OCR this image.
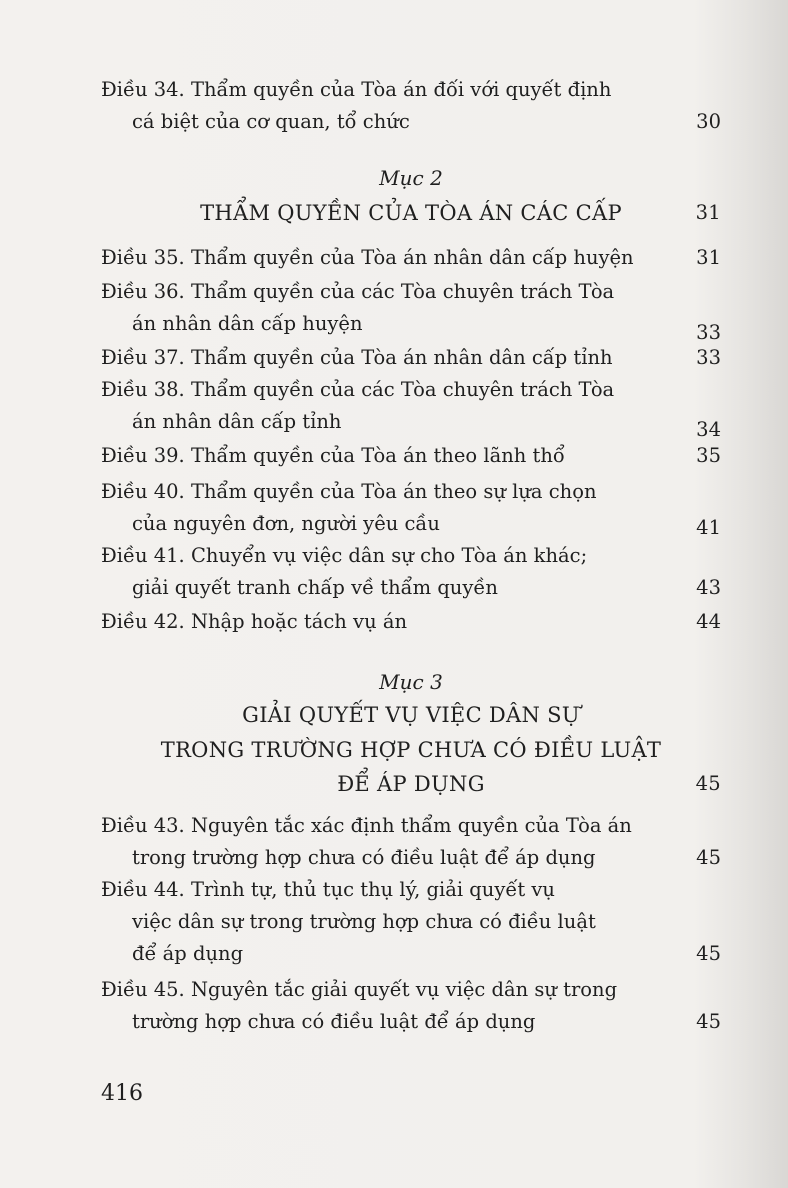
Điều 34. Thẩm quyền của Tòa án đối với quyết định
cá biệt của cơ quan, tổ chức	30
Mục 2
THẨM QUYỀN CỦA TÒA ÁN CÁC CẤP	31
Điều 35. Thẩm quyền của Tòa án nhân dân cấp huyện	31
Điều 36. Thẩm quyền của các Tòa chuyên trách Tòa
án nhân dân cấp huyện	33
Điều 37. Thẩm quyền của Tòa án nhân dân cấp tỉnh	33
Điều 38. Thẩm quyền của các Tòa chuyên trách Tòa
án nhân dân cấp tỉnh	34
Điều 39. Thẩm quyền của Tòa án theo lãnh thổ	35
Điều 40. Thẩm quyền của Tòa án theo sự lựa chọn
của nguyên đơn, người yêu cầu	41
Điều 41. Chuyển vụ việc dân sự cho Tòa án khác;
giải quyết tranh chấp về thẩm quyền	43
Điều 42. Nhập hoặc tách vụ án	44
Mục 3
GIẢI QUYẾT VỤ VIỆC DÂN SỰ
TRONG TRƯỜNG HỢP CHƯA CÓ ĐIỀU LUẬT
ĐỂ ÁP DỤNG	45
Điều 43. Nguyên tắc xác định thẩm quyền của Tòa án
trong trường hợp chưa có điều luật để áp dụng	45
Điều 44. Trình tự, thủ tục thụ lý, giải quyết vụ
việc dân sự trong trường hợp chưa có điều luật
để áp dụng	45
Điều 45. Nguyên tắc giải quyết vụ việc dân sự trong
trường hợp chưa có điều luật để áp dụng	45
416
